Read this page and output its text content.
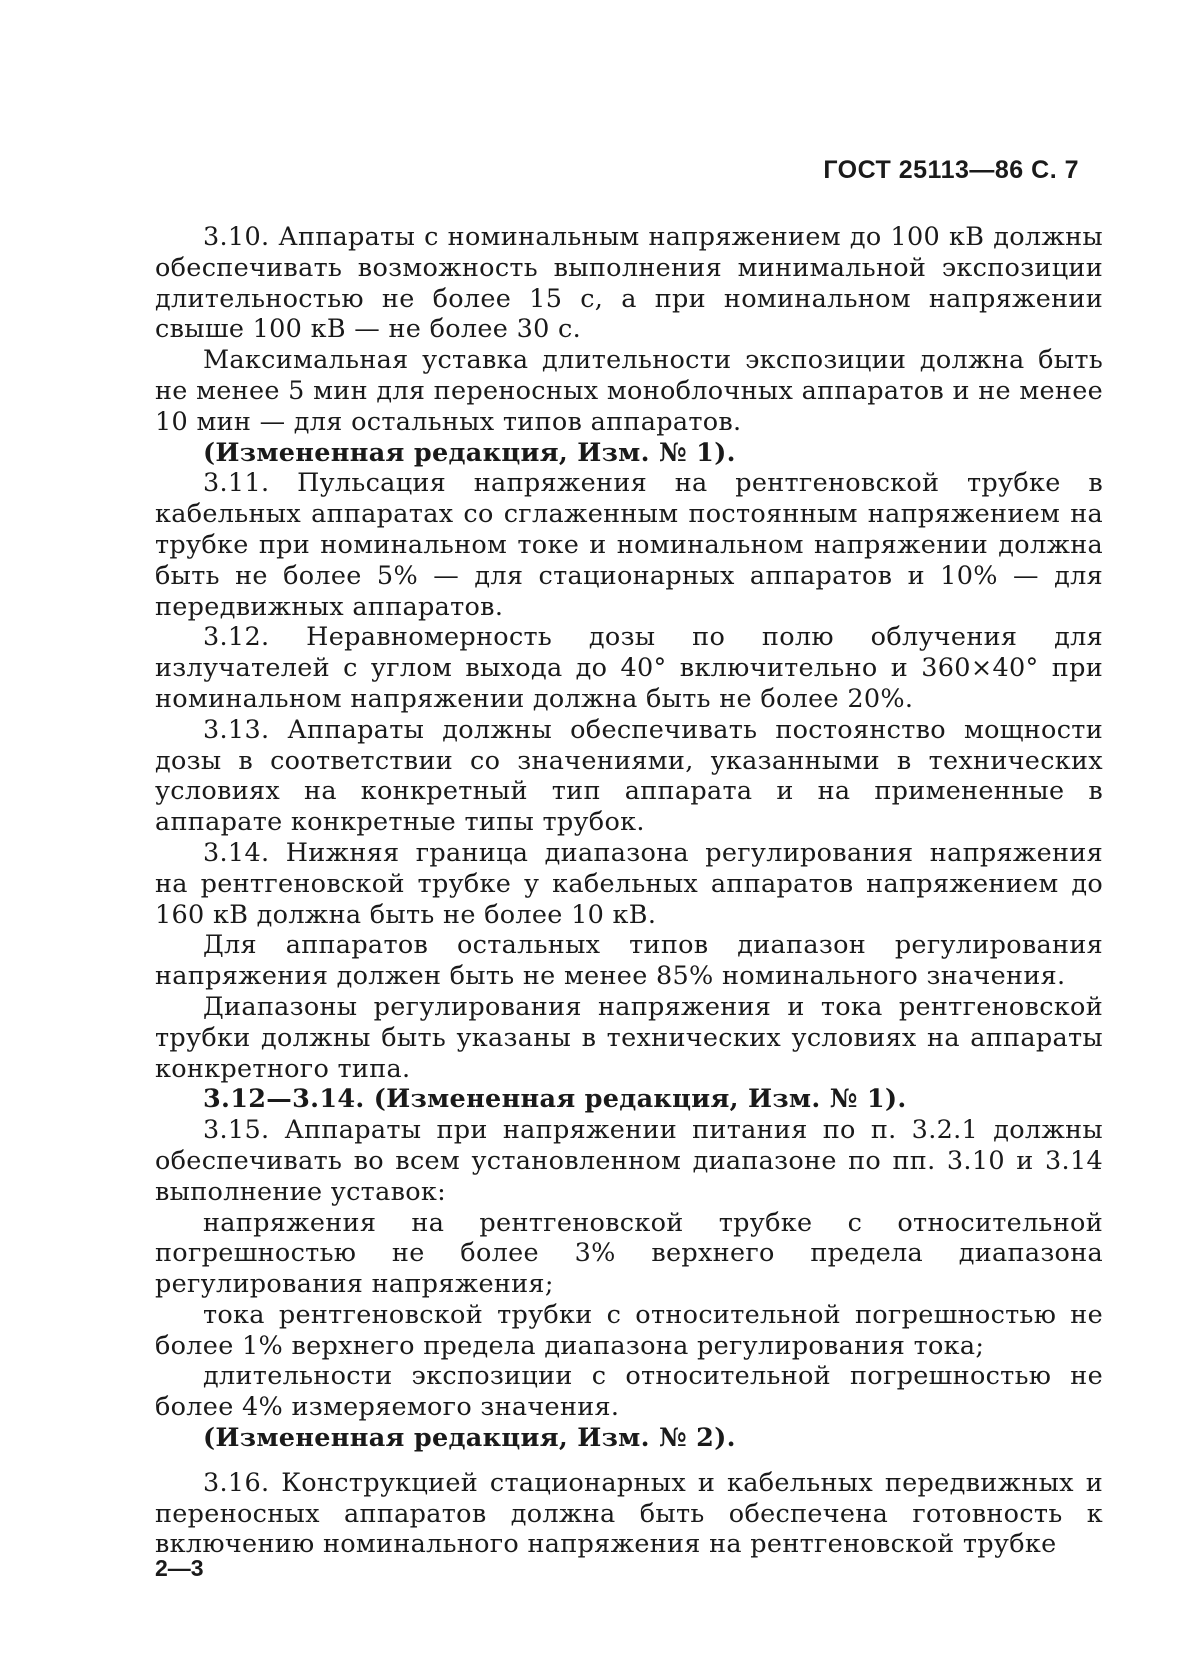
ГОСТ 25113—86 С. 7

3.10. Аппараты с номинальным напряжением до 100 кВ должны обеспечивать возможность выполнения минимальной экспозиции длительностью не более 15 с, а при номинальном напряжении свыше 100 кВ — не более 30 с.

Максимальная уставка длительности экспозиции должна быть не менее 5 мин для переносных моноблочных аппаратов и не менее 10 мин — для остальных типов аппаратов.

(Измененная редакция, Изм. № 1).

3.11. Пульсация напряжения на рентгеновской трубке в кабельных аппаратах со сглаженным постоянным напряжением на трубке при номинальном токе и номинальном напряжении должна быть не более 5% — для стационарных аппаратов и 10% — для передвижных аппаратов.

3.12. Неравномерность дозы по полю облучения для излучателей с углом выхода до 40° включительно и 360×40° при номинальном напряжении должна быть не более 20%.

3.13. Аппараты должны обеспечивать постоянство мощности дозы в соответствии со значениями, указанными в технических условиях на конкретный тип аппарата и на примененные в аппарате конкретные типы трубок.

3.14. Нижняя граница диапазона регулирования напряжения на рентгеновской трубке у кабельных аппаратов напряжением до 160 кВ должна быть не более 10 кВ.

Для аппаратов остальных типов диапазон регулирования напряжения должен быть не менее 85% номинального значения.

Диапазоны регулирования напряжения и тока рентгеновской трубки должны быть указаны в технических условиях на аппараты конкретного типа.

3.12—3.14. (Измененная редакция, Изм. № 1).

3.15. Аппараты при напряжении питания по п. 3.2.1 должны обеспечивать во всем установленном диапазоне по пп. 3.10 и 3.14 выполнение уставок:

напряжения на рентгеновской трубке с относительной погрешностью не более 3% верхнего предела диапазона регулирования напряжения;

тока рентгеновской трубки с относительной погрешностью не более 1% верхнего предела диапазона регулирования тока;

длительности экспозиции с относительной погрешностью не более 4% измеряемого значения.

(Измененная редакция, Изм. № 2).

3.16. Конструкцией стационарных и кабельных передвижных и переносных аппаратов должна быть обеспечена готовность к включению номинального напряжения на рентгеновской трубке

2—3
